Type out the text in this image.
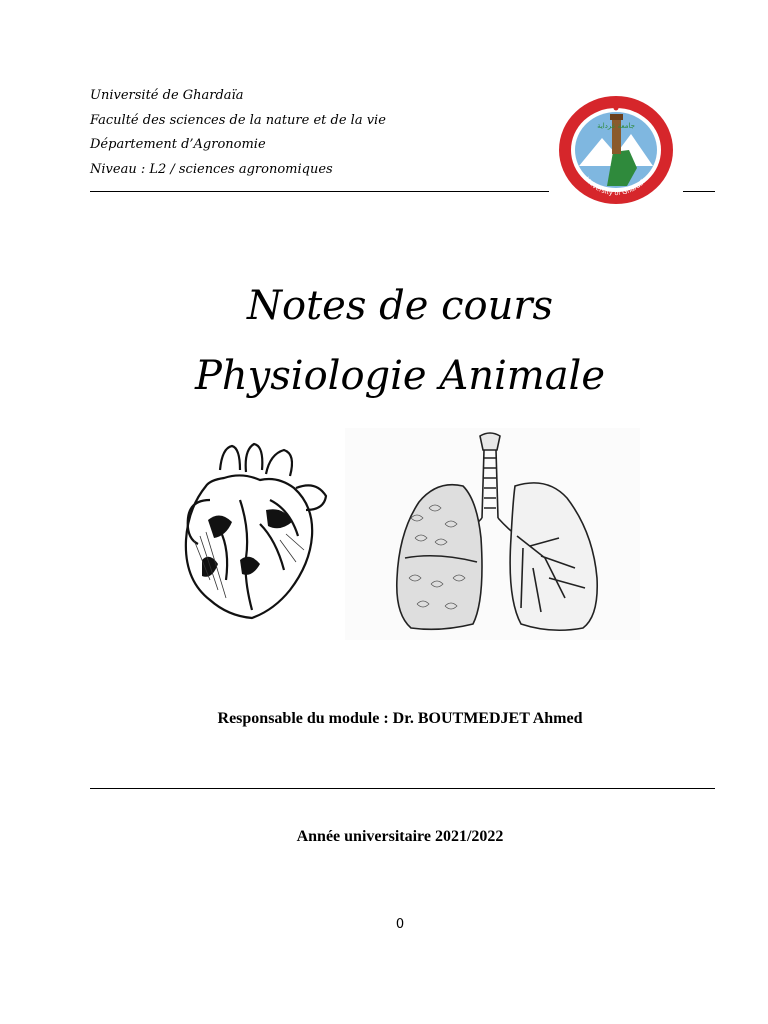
Université de Ghardaïa

Faculté des sciences de la nature et de la vie

Département d’Agronomie

Niveau : L2 / sciences agronomiques

جامعة غرداية
University of Ghardaïa

Notes de cours

Physiologie Animale

Responsable du module : Dr. BOUTMEDJET Ahmed

Année universitaire 2021/2022

0
